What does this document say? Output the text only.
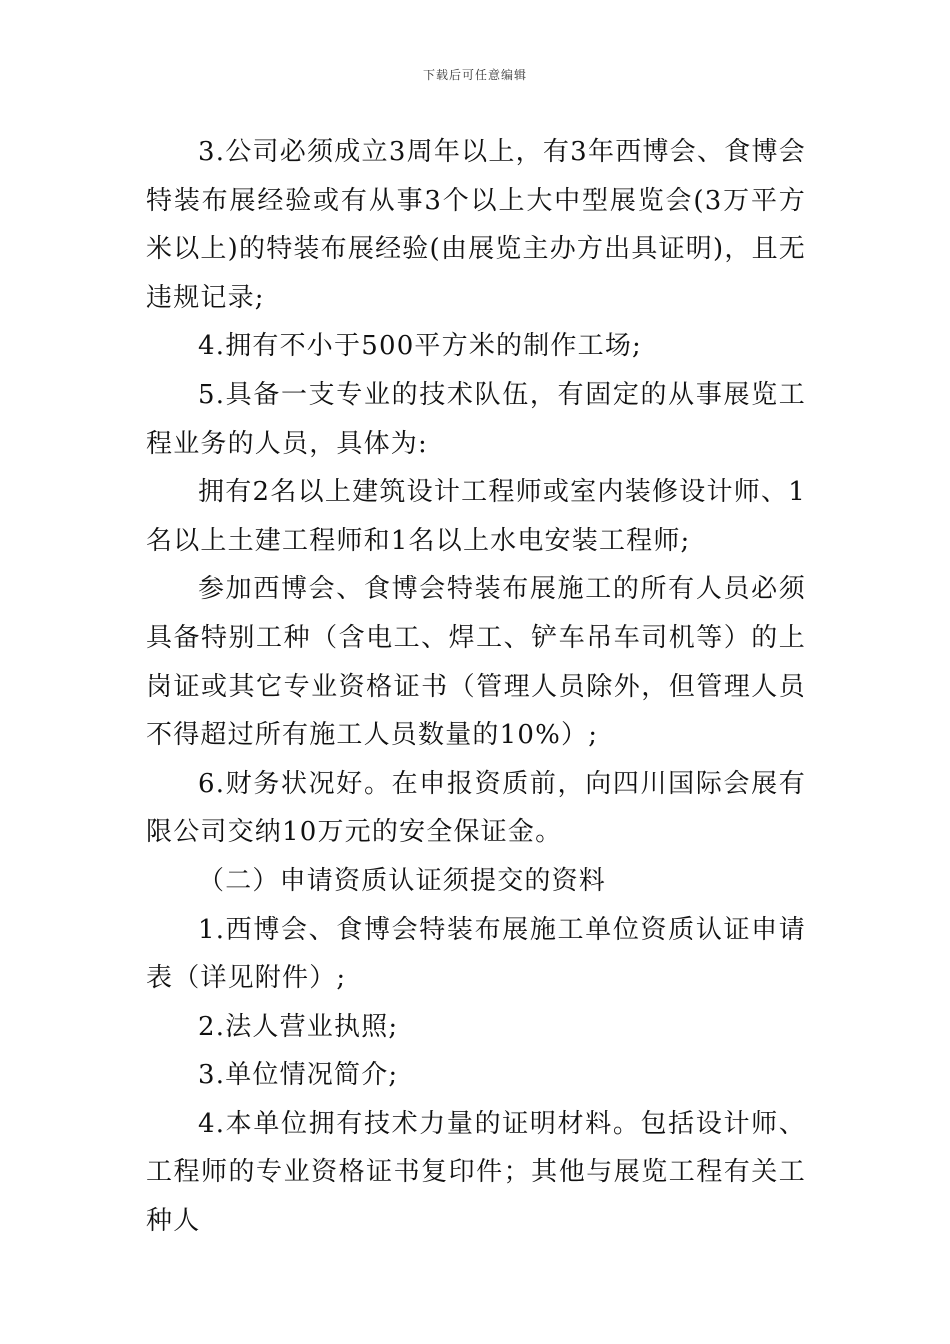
下载后可任意编辑

3.公司必须成立3周年以上，有3年西博会、食博会特装布展经验或有从事3个以上大中型展览会(3万平方米以上)的特装布展经验(由展览主办方出具证明)，且无违规记录;

4.拥有不小于500平方米的制作工场;

5.具备一支专业的技术队伍，有固定的从事展览工程业务的人员，具体为:

拥有2名以上建筑设计工程师或室内装修设计师、1名以上土建工程师和1名以上水电安装工程师;

参加西博会、食博会特装布展施工的所有人员必须具备特别工种（含电工、焊工、铲车吊车司机等）的上岗证或其它专业资格证书（管理人员除外，但管理人员不得超过所有施工人员数量的10%）;

6.财务状况好。在申报资质前，向四川国际会展有限公司交纳10万元的安全保证金。

（二）申请资质认证须提交的资料

1.西博会、食博会特装布展施工单位资质认证申请表（详见附件）;

2.法人营业执照;

3.单位情况简介;

4.本单位拥有技术力量的证明材料。包括设计师、工程师的专业资格证书复印件；其他与展览工程有关工种人
